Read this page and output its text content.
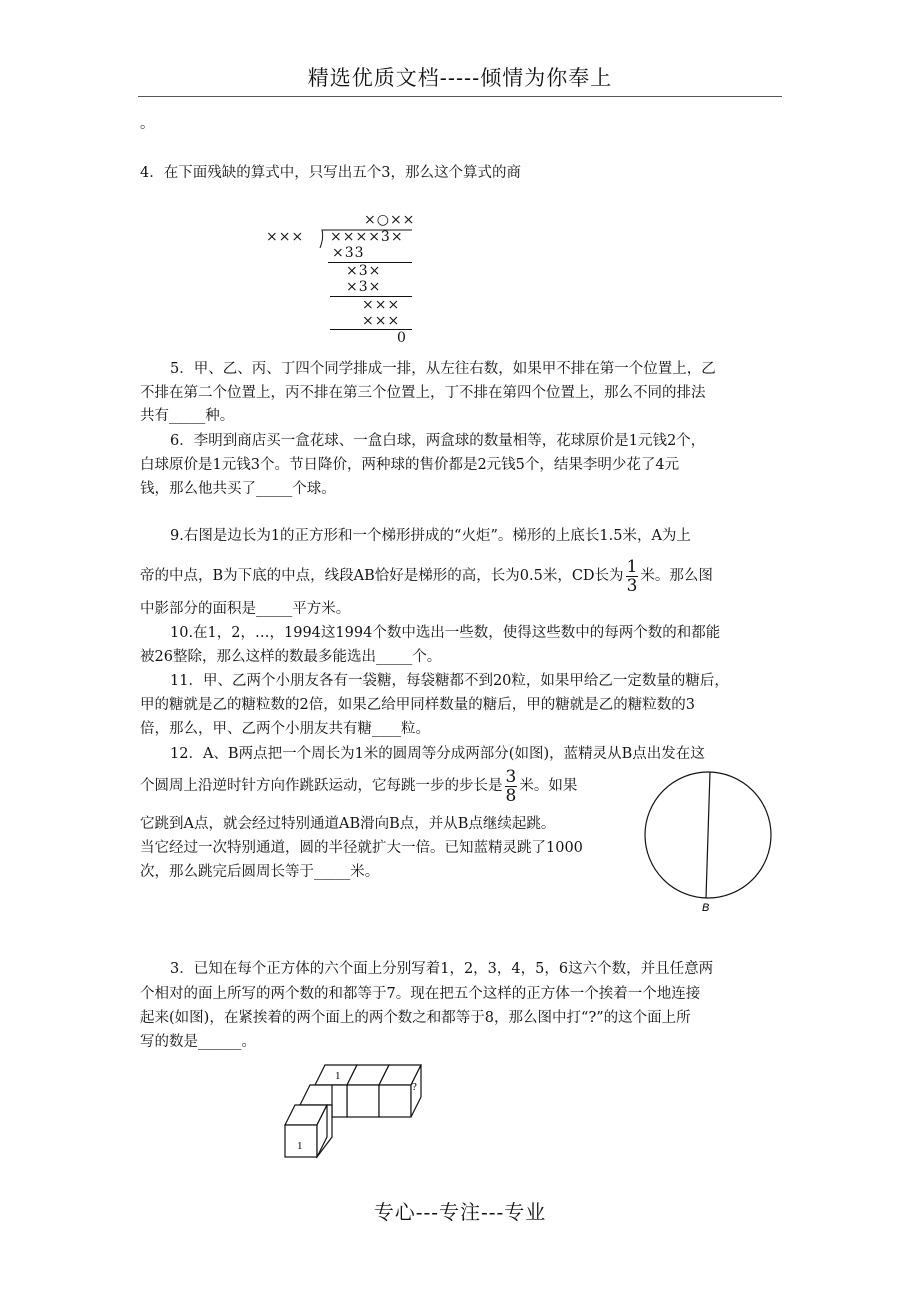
精选优质文档-----倾情为你奉上
。
4．在下面残缺的算式中，只写出五个3，那么这个算式的商
×○××
××× ××××3×
×33
×3×
×3×
×××
×××
0
5．甲、乙、丙、丁四个同学排成一排，从左往右数，如果甲不排在第一个位置上，乙
不排在第二个位置上，丙不排在第三个位置上，丁不排在第四个位置上，那么不同的排法
共有_____种。
6．李明到商店买一盒花球、一盒白球，两盒球的数量相等，花球原价是1元钱2个，
白球原价是1元钱3个。节日降价，两种球的售价都是2元钱5个，结果李明少花了4元
钱，那么他共买了_____个球。
9.右图是边长为1的正方形和一个梯形拼成的“火炬”。梯形的上底长1.5米，A为上
帝的中点，B为下底的中点，线段AB恰好是梯形的高，长为0.5米，CD长为 $\frac{1}{3}$ 米。那么图
中影部分的面积是_____平方米。
10.在1，2，…，1994这1994个数中选出一些数，使得这些数中的每两个数的和都能
被26整除，那么这样的数最多能选出_____个。
11．甲、乙两个小朋友各有一袋糖，每袋糖都不到20粒，如果甲给乙一定数量的糖后，
甲的糖就是乙的糖粒数的2倍，如果乙给甲同样数量的糖后，甲的糖就是乙的糖粒数的3
倍，那么，甲、乙两个小朋友共有糖____粒。
12．A、B两点把一个周长为1米的圆周等分成两部分(如图)，蓝精灵从B点出发在这
个圆周上沿逆时针方向作跳跃运动，它每跳一步的步长是 $\frac{3}{8}$ 米。如果
它跳到A点，就会经过特别通道AB滑向B点，并从B点继续起跳。
当它经过一次特别通道，圆的半径就扩大一倍。已知蓝精灵跳了1000
次，那么跳完后圆周长等于_____米。
B
3．已知在每个正方体的六个面上分别写着1，2，3，4，5，6这六个数，并且任意两
个相对的面上所写的两个数的和都等于7。现在把五个这样的正方体一个挨着一个地连接
起来(如图)，在紧挨着的两个面上的两个数之和都等于8，那么图中打“?”的这个面上所
写的数是______。
1
?
1
专心---专注---专业
